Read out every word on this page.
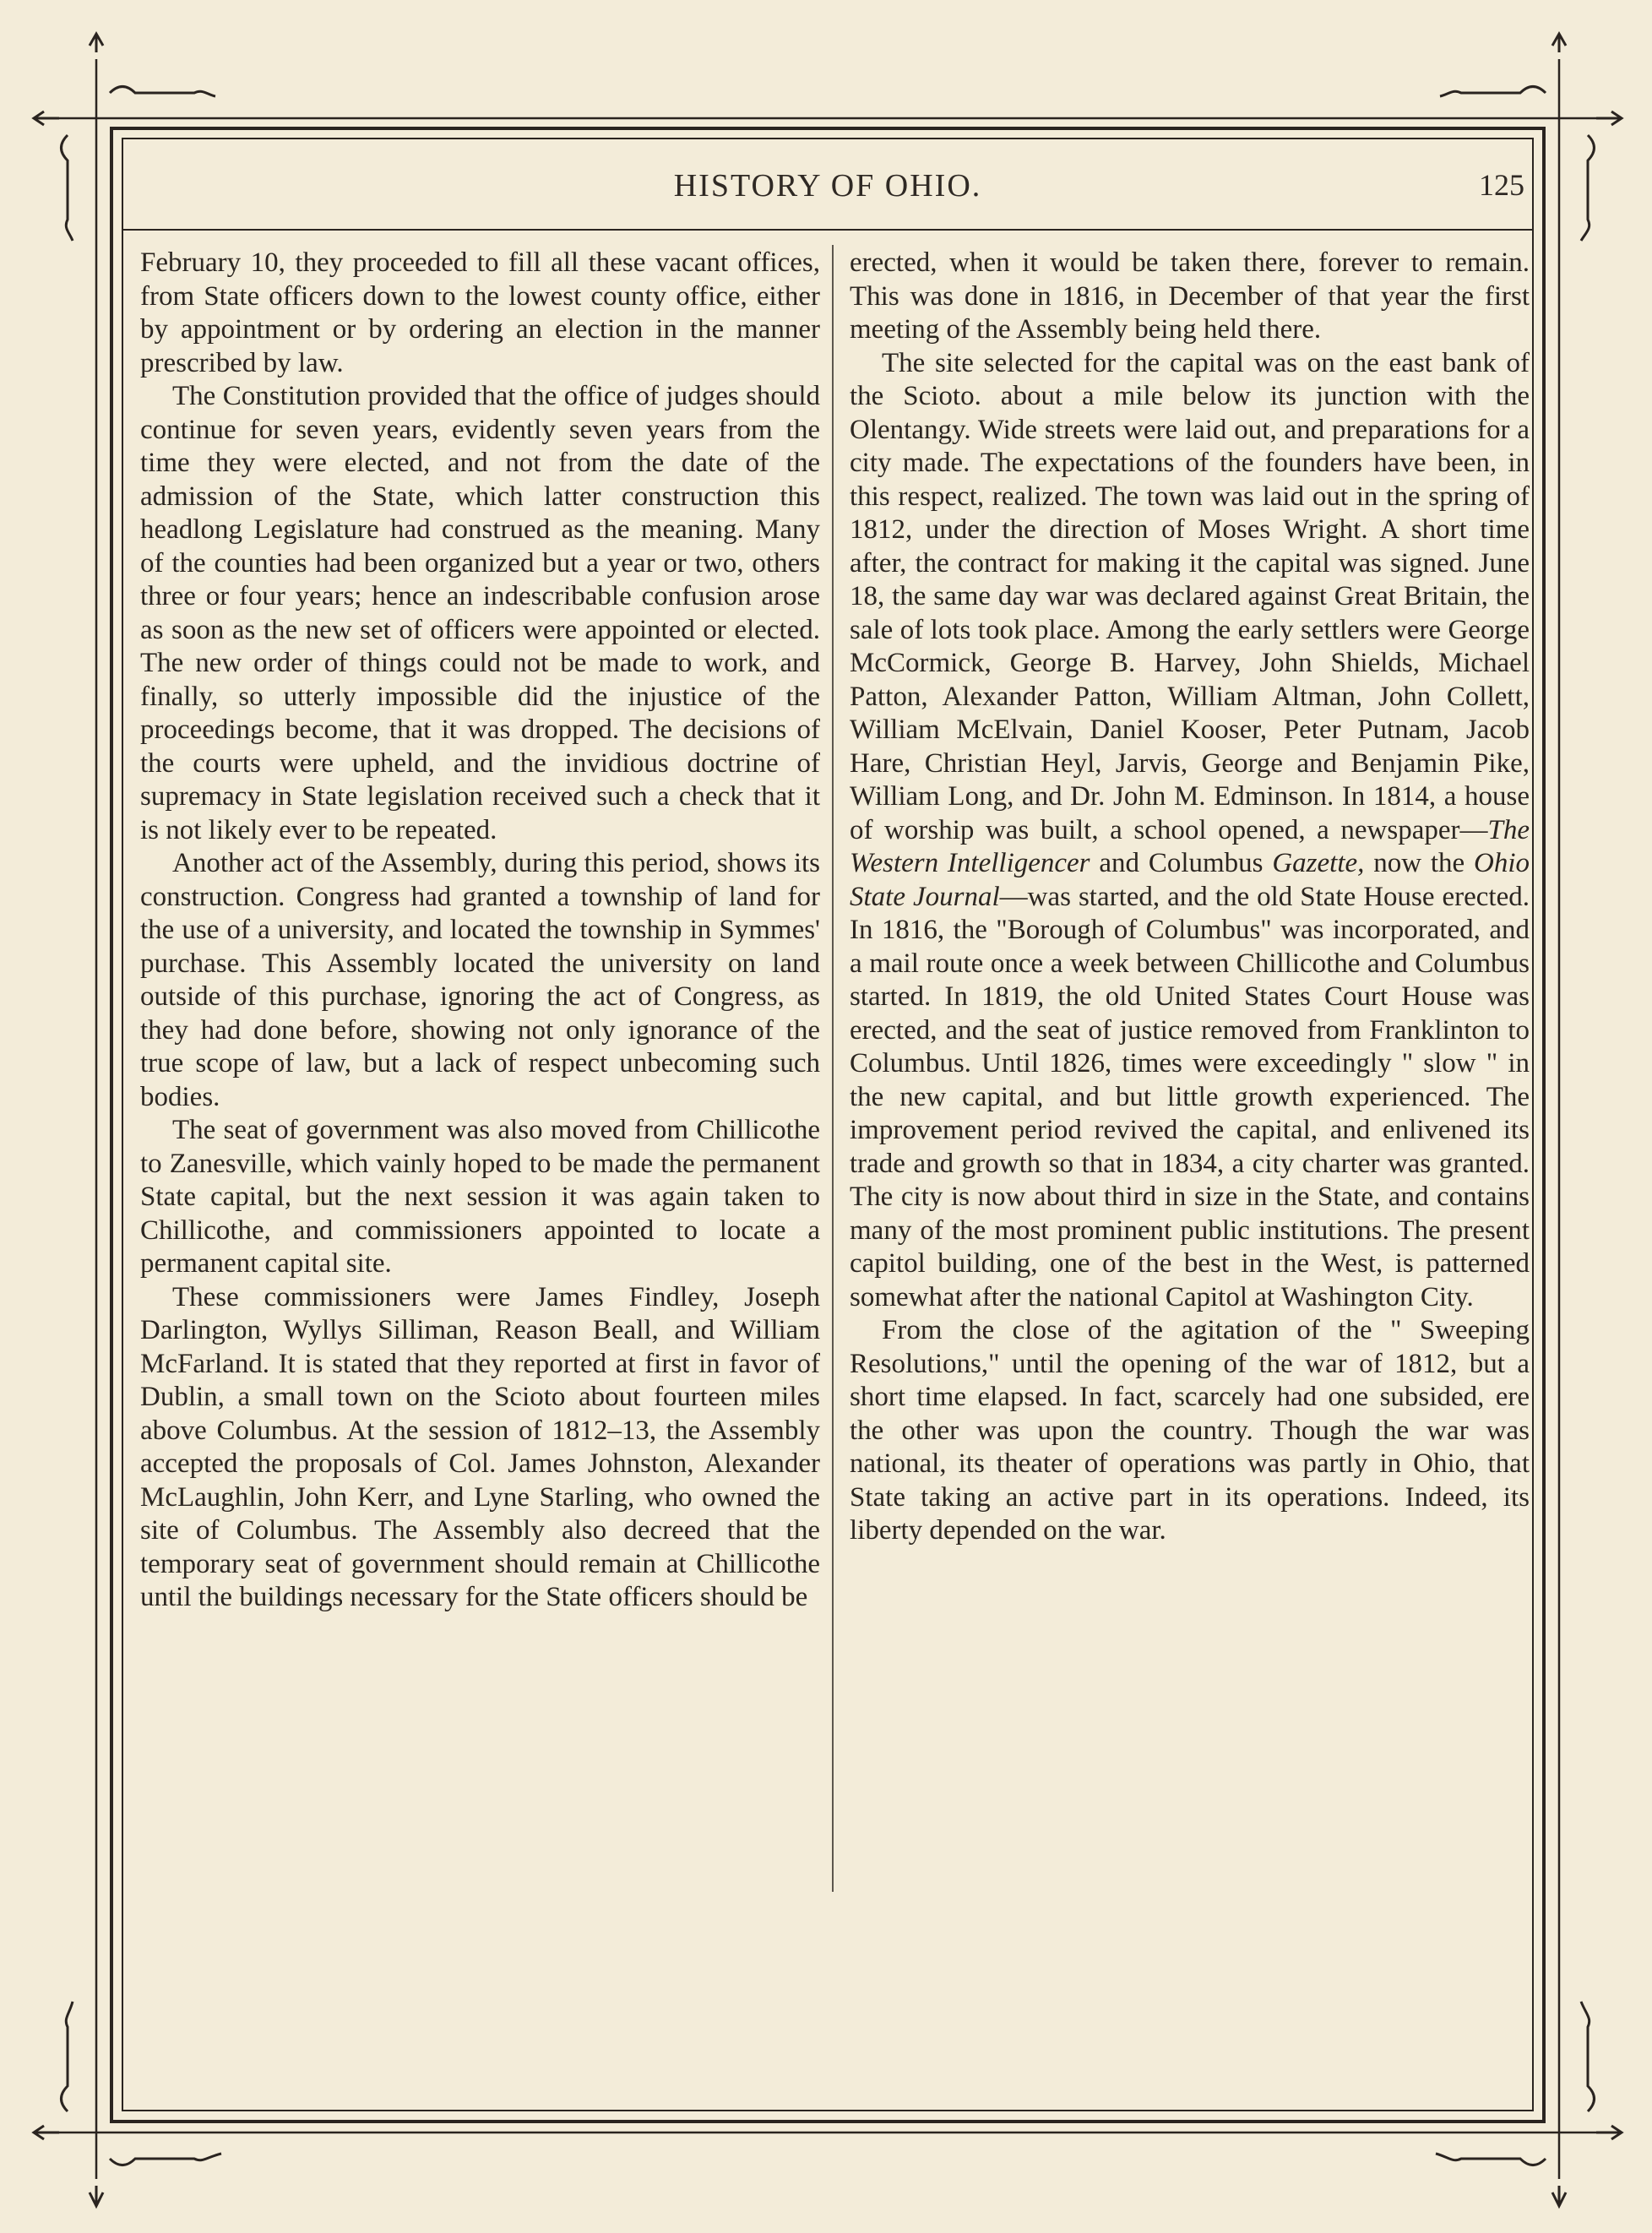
HISTORY OF OHIO.	125

February 10, they proceeded to fill all these vacant offices, from State officers down to the lowest county office, either by appointment or by ordering an election in the manner prescribed by law.

The Constitution provided that the office of judges should continue for seven years, evidently seven years from the time they were elected, and not from the date of the admission of the State, which latter construction this headlong Legislature had construed as the meaning. Many of the counties had been organized but a year or two, others three or four years; hence an indescribable confusion arose as soon as the new set of officers were appointed or elected. The new order of things could not be made to work, and finally, so utterly impossible did the injustice of the proceedings become, that it was dropped. The decisions of the courts were upheld, and the invidious doctrine of supremacy in State legislation received such a check that it is not likely ever to be repeated.

Another act of the Assembly, during this period, shows its construction. Congress had granted a township of land for the use of a university, and located the township in Symmes' purchase. This Assembly located the university on land outside of this purchase, ignoring the act of Congress, as they had done before, showing not only ignorance of the true scope of law, but a lack of respect unbecoming such bodies.

The seat of government was also moved from Chillicothe to Zanesville, which vainly hoped to be made the permanent State capital, but the next session it was again taken to Chillicothe, and commissioners appointed to locate a permanent capital site.

These commissioners were James Findley, Joseph Darlington, Wyllys Silliman, Reason Beall, and William McFarland. It is stated that they reported at first in favor of Dublin, a small town on the Scioto about fourteen miles above Columbus. At the session of 1812–13, the Assembly accepted the proposals of Col. James Johnston, Alexander McLaughlin, John Kerr, and Lyne Starling, who owned the site of Columbus. The Assembly also decreed that the temporary seat of government should remain at Chillicothe until the buildings necessary for the State officers should be

erected, when it would be taken there, forever to remain. This was done in 1816, in December of that year the first meeting of the Assembly being held there.

The site selected for the capital was on the east bank of the Scioto. about a mile below its junction with the Olentangy. Wide streets were laid out, and preparations for a city made. The expectations of the founders have been, in this respect, realized. The town was laid out in the spring of 1812, under the direction of Moses Wright. A short time after, the contract for making it the capital was signed. June 18, the same day war was declared against Great Britain, the sale of lots took place. Among the early settlers were George McCormick, George B. Harvey, John Shields, Michael Patton, Alexander Patton, William Altman, John Collett, William McElvain, Daniel Kooser, Peter Putnam, Jacob Hare, Christian Heyl, Jarvis, George and Benjamin Pike, William Long, and Dr. John M. Edminson. In 1814, a house of worship was built, a school opened, a newspaper—The Western Intelligencer and Columbus Gazette, now the Ohio State Journal—was started, and the old State House erected. In 1816, the "Borough of Columbus" was incorporated, and a mail route once a week between Chillicothe and Columbus started. In 1819, the old United States Court House was erected, and the seat of justice removed from Franklinton to Columbus. Until 1826, times were exceedingly " slow " in the new capital, and but little growth experienced. The improvement period revived the capital, and enlivened its trade and growth so that in 1834, a city charter was granted. The city is now about third in size in the State, and contains many of the most prominent public institutions. The present capitol building, one of the best in the West, is patterned somewhat after the national Capitol at Washington City.

From the close of the agitation of the " Sweeping Resolutions," until the opening of the war of 1812, but a short time elapsed. In fact, scarcely had one subsided, ere the other was upon the country. Though the war was national, its theater of operations was partly in Ohio, that State taking an active part in its operations. Indeed, its liberty depended on the war.
